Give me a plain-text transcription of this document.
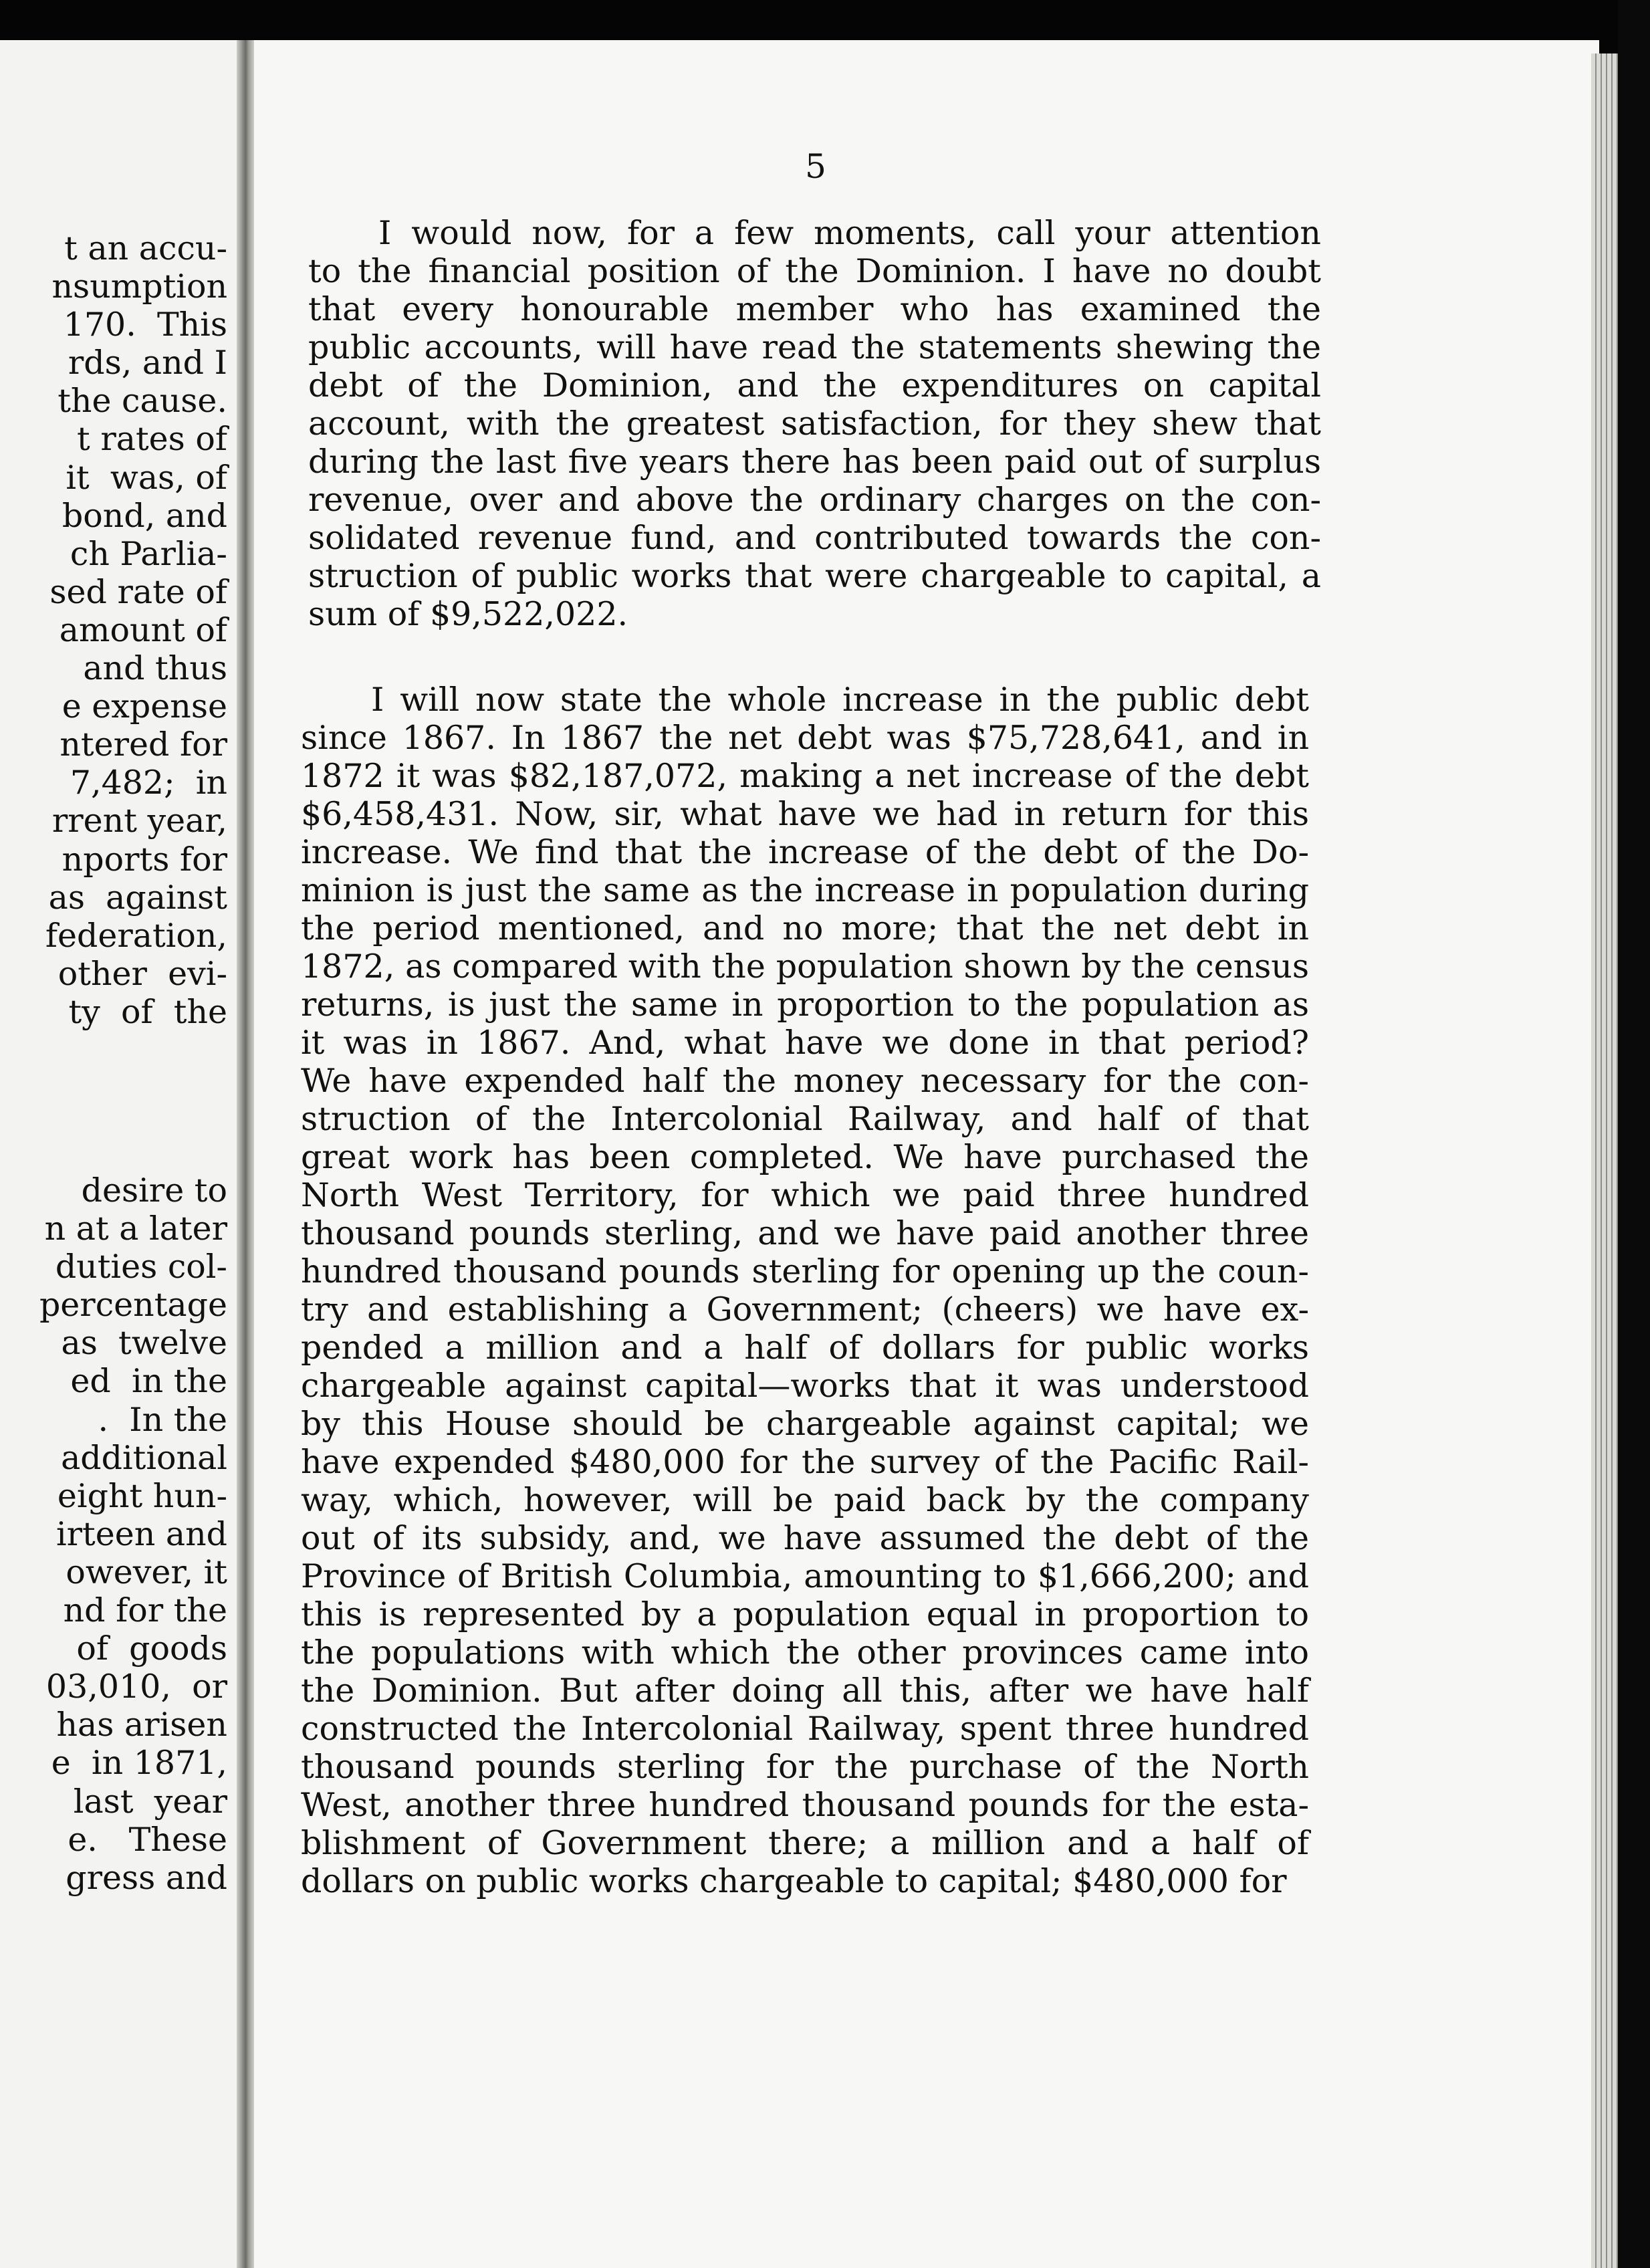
t an accu-
nsumption
170.  This
rds, and I
the cause.
t rates of
it  was, of
bond, and
ch Parlia-
sed rate of
amount of
and thus
e expense
ntered for
7,482;  in
rrent year,
nports for
as  against
federation,
other  evi-
ty  of  the
desire to
n at a later
duties col-
percentage
as  twelve
ed  in the
.  In the
additional
eight hun-
irteen and
owever, it
nd for the
of  goods
03,010,  or
has arisen
e  in 1871,
last  year
e.   These
gress and
5
I would now, for a few moments, call your attention
to the financial position of the Dominion. I have no doubt
that every honourable member who has examined the
public accounts, will have read the statements shewing the
debt of the Dominion, and the expenditures on capital
account, with the greatest satisfaction, for they shew that
during the last five years there has been paid out of surplus
revenue, over and above the ordinary charges on the con-
solidated revenue fund, and contributed towards the con-
struction of public works that were chargeable to capital, a
sum of $9,522,022.
I will now state the whole increase in the public debt
since 1867. In 1867 the net debt was $75,728,641, and in
1872 it was $82,187,072, making a net increase of the debt
$6,458,431. Now, sir, what have we had in return for this
increase. We find that the increase of the debt of the Do-
minion is just the same as the increase in population during
the period mentioned, and no more; that the net debt in
1872, as compared with the population shown by the census
returns, is just the same in proportion to the population as
it was in 1867. And, what have we done in that period?
We have expended half the money necessary for the con-
struction of the Intercolonial Railway, and half of that
great work has been completed. We have purchased the
North West Territory, for which we paid three hundred
thousand pounds sterling, and we have paid another three
hundred thousand pounds sterling for opening up the coun-
try and establishing a Government; (cheers) we have ex-
pended a million and a half of dollars for public works
chargeable against capital—works that it was understood
by this House should be chargeable against capital; we
have expended $480,000 for the survey of the Pacific Rail-
way, which, however, will be paid back by the company
out of its subsidy, and, we have assumed the debt of the
Province of British Columbia, amounting to $1,666,200; and
this is represented by a population equal in proportion to
the populations with which the other provinces came into
the Dominion. But after doing all this, after we have half
constructed the Intercolonial Railway, spent three hundred
thousand pounds sterling for the purchase of the North
West, another three hundred thousand pounds for the esta-
blishment of Government there; a million and a half of
dollars on public works chargeable to capital; $480,000 for
